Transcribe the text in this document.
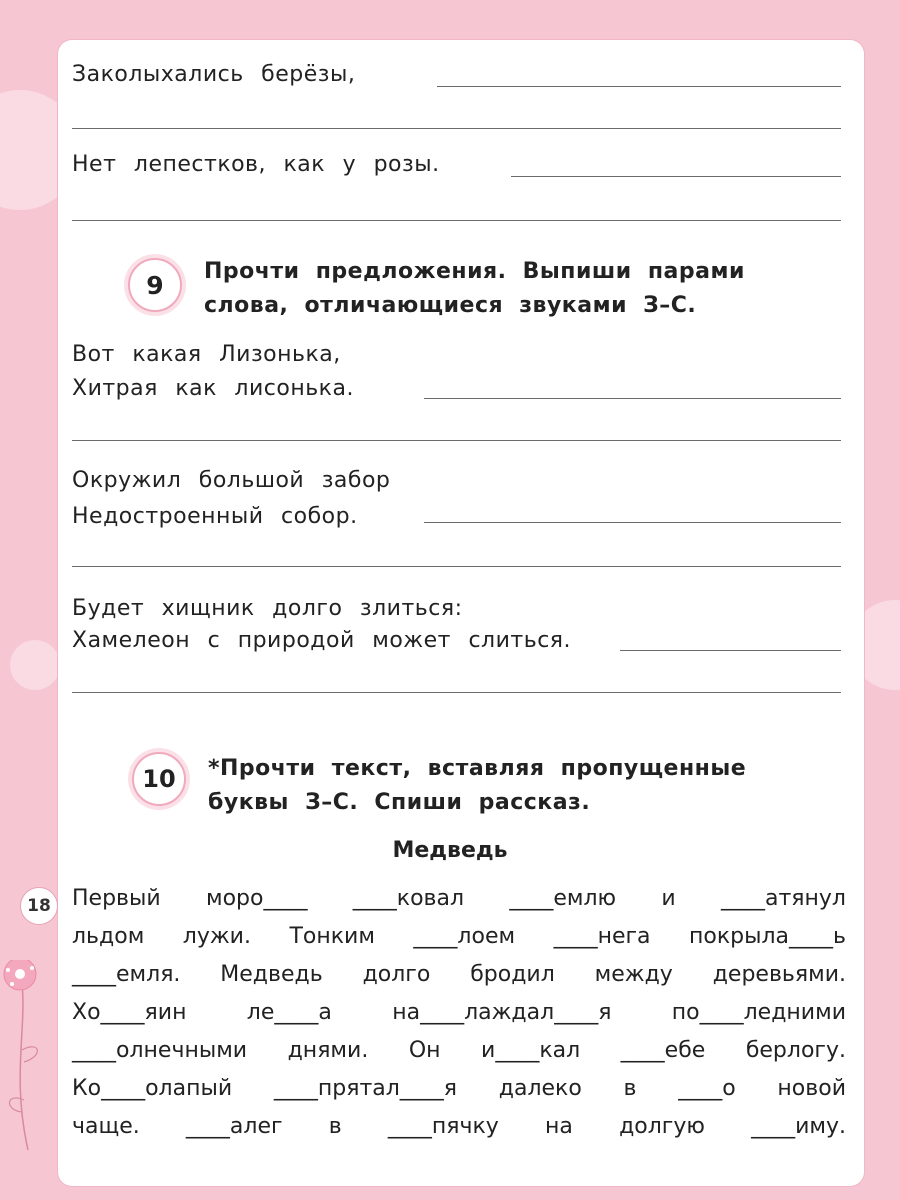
Заколыхались берёзы,
Нет лепестков, как у розы.
9	Прочти предложения. Выпиши парами
слова, отличающиеся звуками З–С.
Вот какая Лизонька,
Хитрая как лисонька.
Окружил большой забор
Недостроенный собор.
Будет хищник долго злиться:
Хамелеон с природой может слиться.
10	*Прочти текст, вставляя пропущенные
буквы З–С. Спиши рассказ.
Медведь

Первый моро____ ____ковал ____емлю и ____атянул

льдом лужи. Тонким ____лоем ____нега покрыла____ь

____емля. Медведь долго бродил между деревьями.

Хо____яин ле____а на____лаждал____я по____ледними

____олнечными днями. Он и____кал ____ебе берлогу.

Ко____олапый ____прятал____я далеко в ____о новой

чаще. ____алег в ____пячку на долгую ____иму.

18
